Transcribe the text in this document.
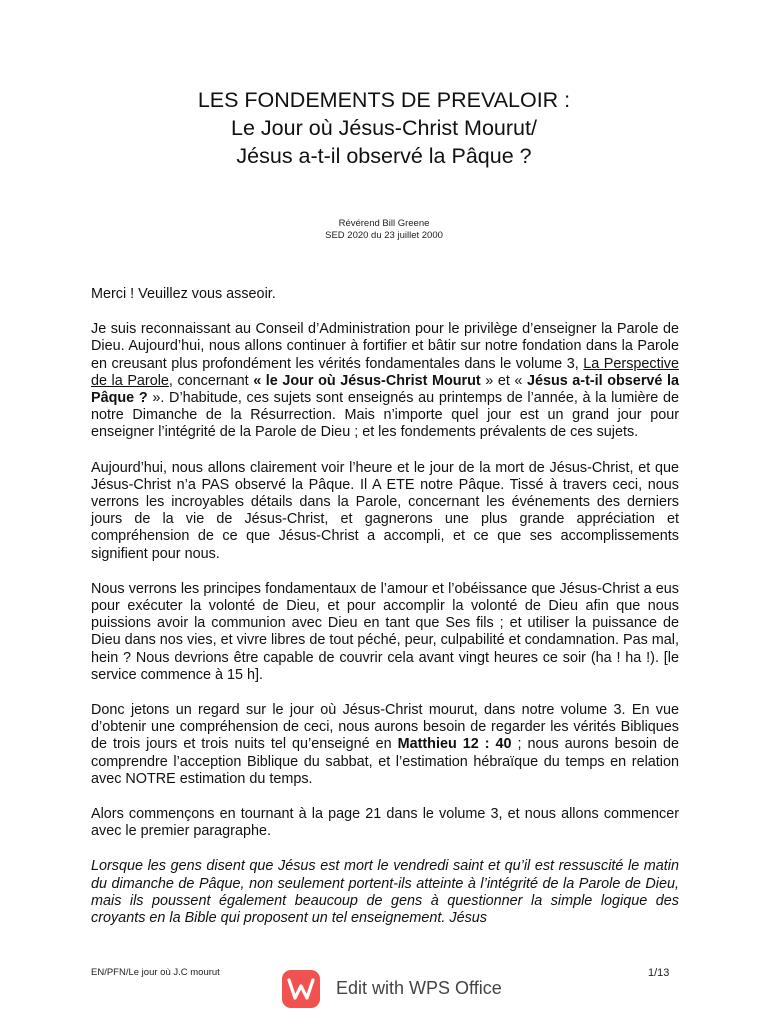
LES FONDEMENTS DE PREVALOIR :
Le Jour où Jésus-Christ Mourut/
Jésus a-t-il observé la Pâque ?
Révérend Bill Greene
SED 2020 du 23 juillet 2000

Merci ! Veuillez vous asseoir.

Je suis reconnaissant au Conseil d’Administration pour le privilège d’enseigner la Parole de Dieu. Aujourd’hui, nous allons continuer à fortifier et bâtir sur notre fondation dans la Parole en creusant plus profondément les vérités fondamentales dans le volume 3, La Perspective de la Parole, concernant « le Jour où Jésus-Christ Mourut » et « Jésus a-t-il observé la Pâque ? ». D’habitude, ces sujets sont enseignés au printemps de l’année, à la lumière de notre Dimanche de la Résurrection. Mais n’importe quel jour est un grand jour pour enseigner l’intégrité de la Parole de Dieu ; et les fondements prévalents de ces sujets.

Aujourd’hui, nous allons clairement voir l’heure et le jour de la mort de Jésus-Christ, et que Jésus-Christ n’a PAS observé la Pâque. Il A ETE notre Pâque. Tissé à travers ceci, nous verrons les incroyables détails dans la Parole, concernant les événements des derniers jours de la vie de Jésus-Christ, et gagnerons une plus grande appréciation et compréhension de ce que Jésus-Christ a accompli, et ce que ses accomplissements signifient pour nous.

Nous verrons les principes fondamentaux de l’amour et l’obéissance que Jésus-Christ a eus pour exécuter la volonté de Dieu, et pour accomplir la volonté de Dieu afin que nous puissions avoir la communion avec Dieu en tant que Ses fils ; et utiliser la puissance de Dieu dans nos vies, et vivre libres de tout péché, peur, culpabilité et condamnation. Pas mal, hein ? Nous devrions être capable de couvrir cela avant vingt heures ce soir (ha ! ha !). [le service commence à 15 h].

Donc jetons un regard sur le jour où Jésus-Christ mourut, dans notre volume 3. En vue d’obtenir une compréhension de ceci, nous aurons besoin de regarder les vérités Bibliques de trois jours et trois nuits tel qu’enseigné en Matthieu 12 : 40 ; nous aurons besoin de comprendre l’acception Biblique du sabbat, et l’estimation hébraïque du temps en relation avec NOTRE estimation du temps.

Alors commençons en tournant à la page 21 dans le volume 3, et nous allons commencer avec le premier paragraphe.

Lorsque les gens disent que Jésus est mort le vendredi saint et qu’il est ressuscité le matin du dimanche de Pâque, non seulement portent-ils atteinte à l’intégrité de la Parole de Dieu, mais ils poussent également beaucoup de gens à questionner la simple logique des croyants en la Bible qui proposent un tel enseignement. Jésus

EN/PFN/Le jour où J.C mourut	1/13
Edit with WPS Office
